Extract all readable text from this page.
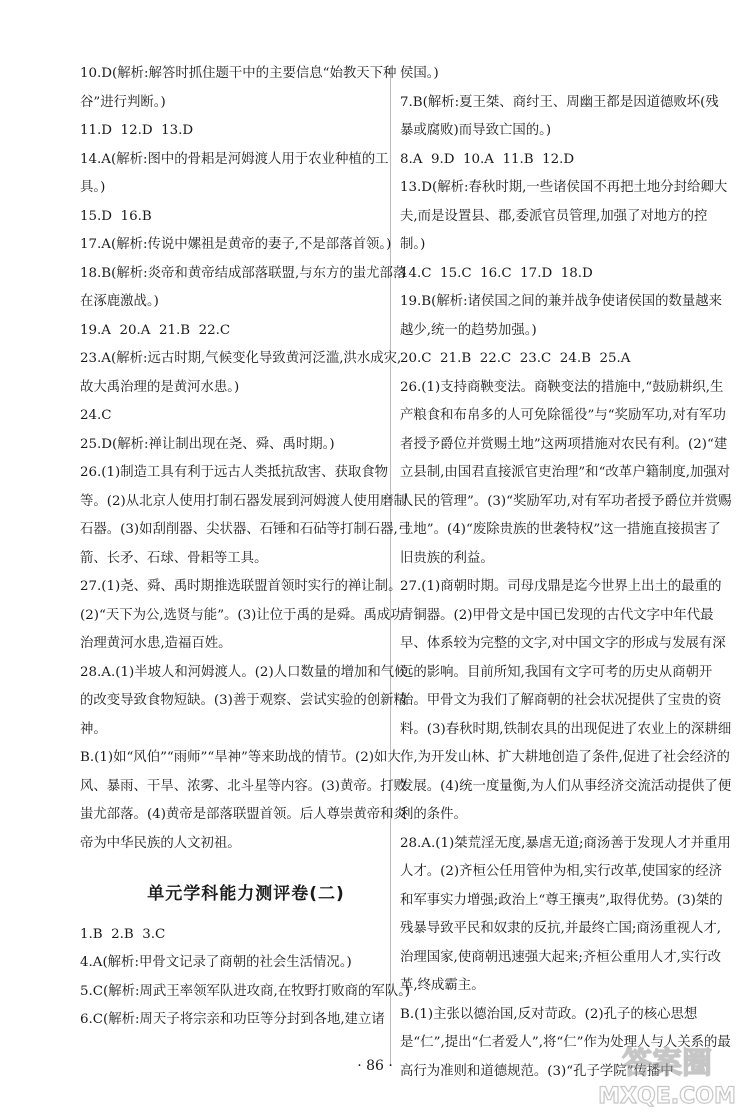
10.D(解析:解答时抓住题干中的主要信息“始教天下种谷”进行判断。)

11.D  12.D  13.D

14.A(解析:图中的骨耜是河姆渡人用于农业种植的工具。)

15.D  16.B

17.A(解析:传说中嫘祖是黄帝的妻子,不是部落首领。)

18.B(解析:炎帝和黄帝结成部落联盟,与东方的蚩尤部落在涿鹿激战。)

19.A  20.A  21.B  22.C

23.A(解析:远古时期,气候变化导致黄河泛滥,洪水成灾,故大禹治理的是黄河水患。)

24.C

25.D(解析:禅让制出现在尧、舜、禹时期。)

26.(1)制造工具有利于远古人类抵抗敌害、获取食物等。(2)从北京人使用打制石器发展到河姆渡人使用磨制石器。(3)如刮削器、尖状器、石锤和石砧等打制石器,弓箭、长矛、石球、骨耜等工具。

27.(1)尧、舜、禹时期推选联盟首领时实行的禅让制。(2)“天下为公,选贤与能”。(3)让位于禹的是舜。禹成功治理黄河水患,造福百姓。

28.A.(1)半坡人和河姆渡人。(2)人口数量的增加和气候的改变导致食物短缺。(3)善于观察、尝试实验的创新精神。

B.(1)如“风伯”“雨师”“旱神”等来助战的情节。(2)如大风、暴雨、干旱、浓雾、北斗星等内容。(3)黄帝。打败蚩尤部落。(4)黄帝是部落联盟首领。后人尊崇黄帝和炎帝为中华民族的人文初祖。

单元学科能力测评卷(二)

1.B  2.B  3.C

4.A(解析:甲骨文记录了商朝的社会生活情况。)

5.C(解析:周武王率领军队进攻商,在牧野打败商的军队。)

6.C(解析:周天子将宗亲和功臣等分封到各地,建立诸

侯国。)

7.B(解析:夏王桀、商纣王、周幽王都是因道德败坏(残暴或腐败)而导致亡国的。)

8.A  9.D  10.A  11.B  12.D

13.D(解析:春秋时期,一些诸侯国不再把土地分封给卿大夫,而是设置县、郡,委派官员管理,加强了对地方的控制。)

14.C  15.C  16.C  17.D  18.D

19.B(解析:诸侯国之间的兼并战争使诸侯国的数量越来越少,统一的趋势加强。)

20.C  21.B  22.C  23.C  24.B  25.A

26.(1)支持商鞅变法。商鞅变法的措施中,“鼓励耕织,生产粮食和布帛多的人可免除徭役”与“奖励军功,对有军功者授予爵位并赏赐土地”这两项措施对农民有利。(2)“建立县制,由国君直接派官吏治理”和“改革户籍制度,加强对人民的管理”。(3)“奖励军功,对有军功者授予爵位并赏赐土地”。(4)“废除贵族的世袭特权”这一措施直接损害了旧贵族的利益。

27.(1)商朝时期。司母戊鼎是迄今世界上出土的最重的青铜器。(2)甲骨文是中国已发现的古代文字中年代最早、体系较为完整的文字,对中国文字的形成与发展有深远的影响。目前所知,我国有文字可考的历史从商朝开始。甲骨文为我们了解商朝的社会状况提供了宝贵的资料。(3)春秋时期,铁制农具的出现促进了农业上的深耕细作,为开发山林、扩大耕地创造了条件,促进了社会经济的发展。(4)统一度量衡,为人们从事经济交流活动提供了便利的条件。

28.A.(1)桀荒淫无度,暴虐无道;商汤善于发现人才并重用人才。(2)齐桓公任用管仲为相,实行改革,使国家的经济和军事实力增强;政治上“尊王攘夷”,取得优势。(3)桀的残暴导致平民和奴隶的反抗,并最终亡国;商汤重视人才,治理国家,使商朝迅速强大起来;齐桓公重用人才,实行改革,终成霸主。

B.(1)主张以德治国,反对苛政。(2)孔子的核心思想是“仁”,提出“仁者爱人”,将“仁”作为处理人与人关系的最高行为准则和道德规范。(3)“孔子学院”传播中

· 86 ·	答案圈
MXQE.COM
